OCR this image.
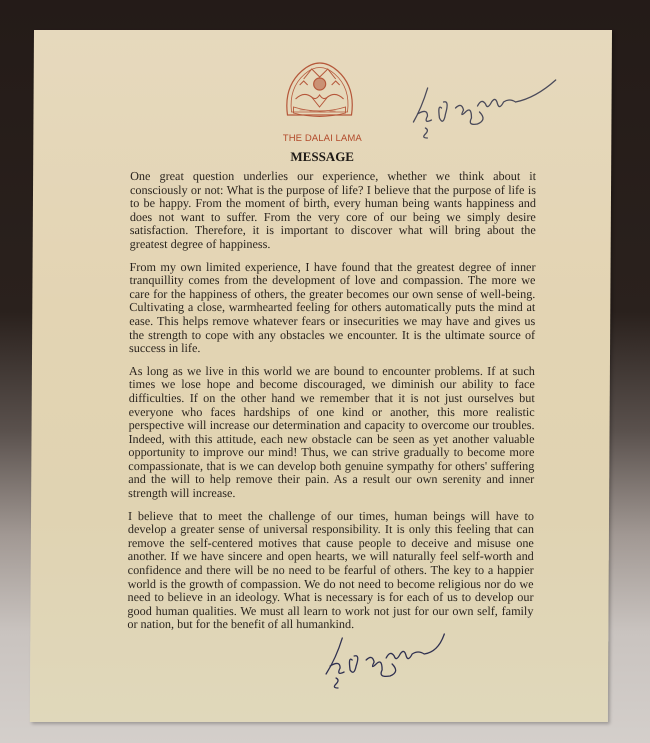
THE DALAI LAMA
MESSAGE

One great question underlies our experience, whether we think about it consciously or not: What is the purpose of life? I believe that the purpose of life is to be happy. From the moment of birth, every human being wants happiness and does not want to suffer. From the very core of our being we simply desire satisfaction. Therefore, it is important to discover what will bring about the greatest degree of happiness.

From my own limited experience, I have found that the greatest degree of inner tranquillity comes from the development of love and compassion. The more we care for the happiness of others, the greater becomes our own sense of well-being. Cultivating a close, warmhearted feeling for others automatically puts the mind at ease. This helps remove whatever fears or insecurities we may have and gives us the strength to cope with any obstacles we encounter. It is the ultimate source of success in life.

As long as we live in this world we are bound to encounter problems. If at such times we lose hope and become discouraged, we diminish our ability to face difficulties. If on the other hand we remember that it is not just ourselves but everyone who faces hardships of one kind or another, this more realistic perspective will increase our determination and capacity to overcome our troubles. Indeed, with this attitude, each new obstacle can be seen as yet another valuable opportunity to improve our mind! Thus, we can strive gradually to become more compassionate, that is we can develop both genuine sympathy for others' suffering and the will to help remove their pain. As a result our own serenity and inner strength will increase.

I believe that to meet the challenge of our times, human beings will have to develop a greater sense of universal responsibility. It is only this feeling that can remove the self-centered motives that cause people to deceive and misuse one another. If we have sincere and open hearts, we will naturally feel self-worth and confidence and there will be no need to be fearful of others. The key to a happier world is the growth of compassion. We do not need to become religious nor do we need to believe in an ideology. What is necessary is for each of us to develop our good human qualities. We must all learn to work not just for our own self, family or nation, but for the benefit of all humankind.
